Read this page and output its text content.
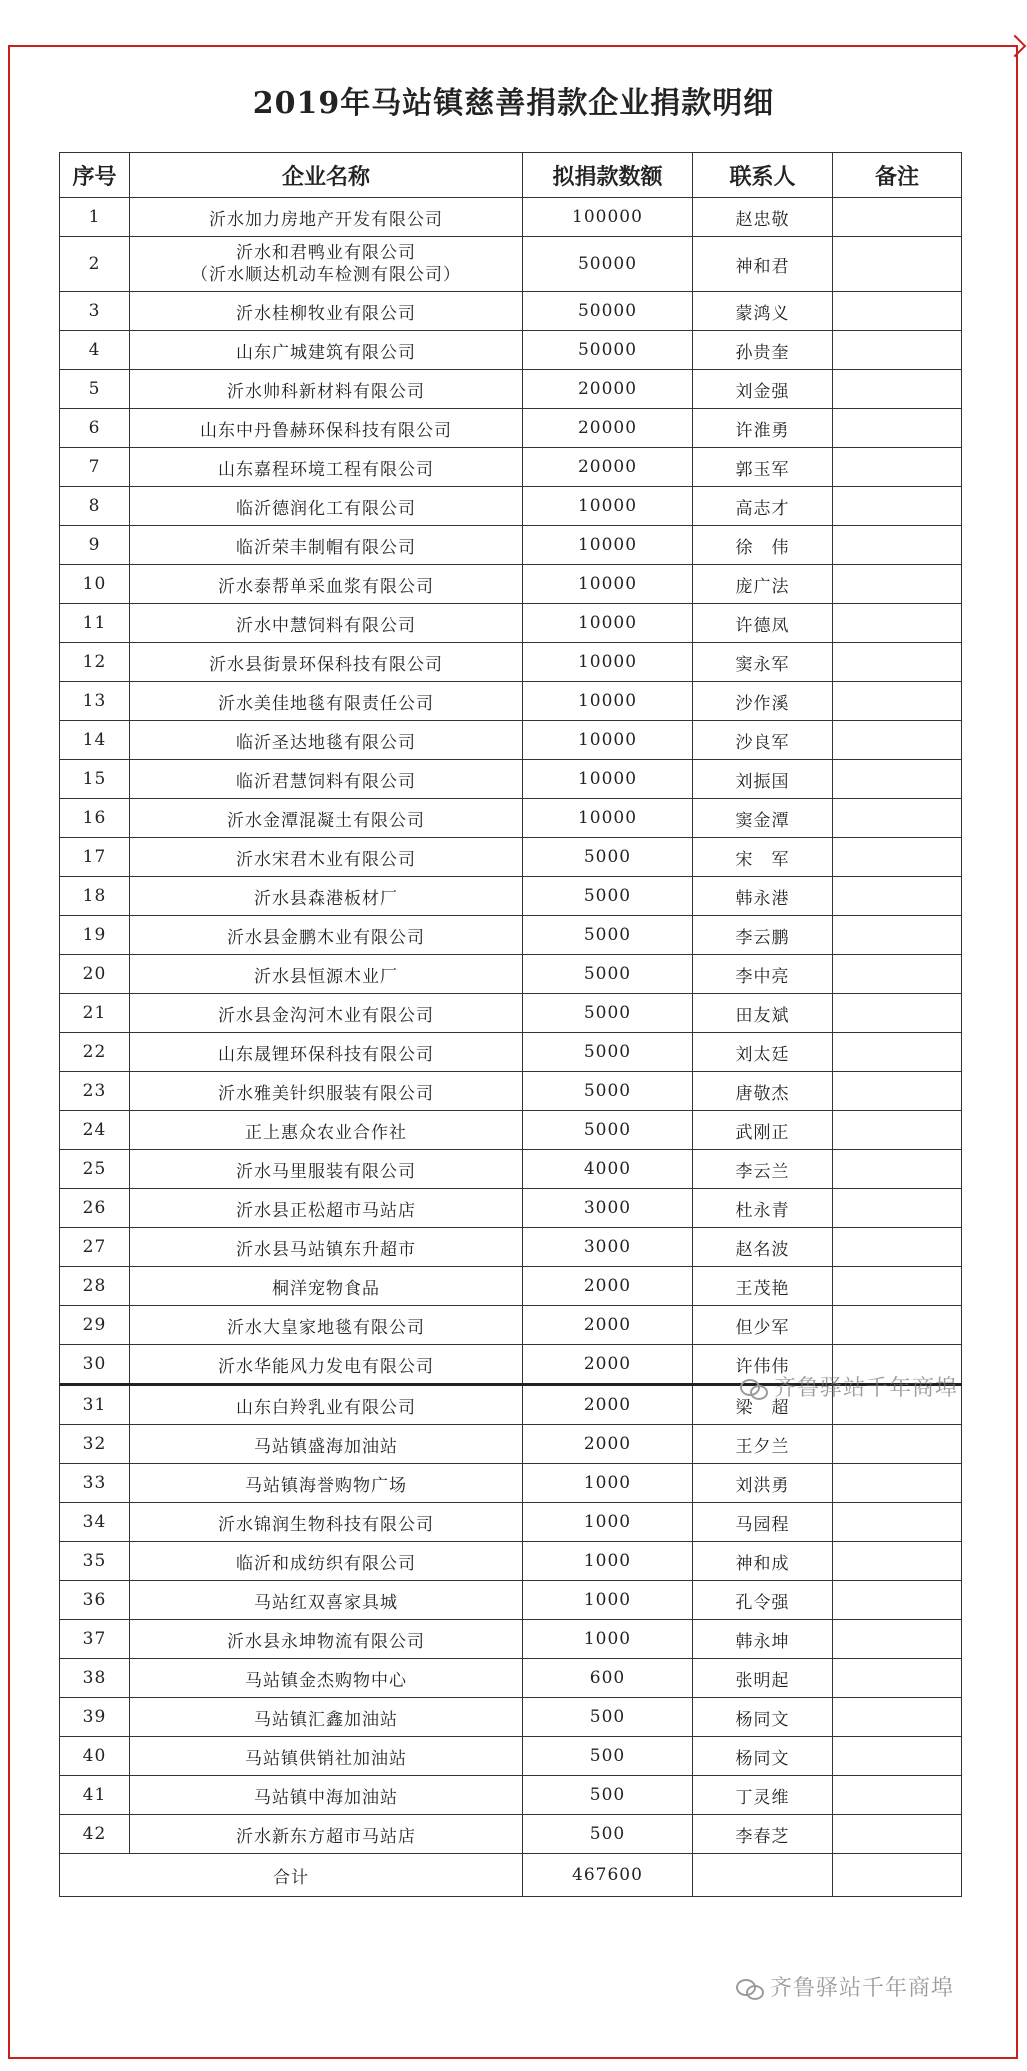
2019年马站镇慈善捐款企业捐款明细
序号	企业名称	拟捐款数额	联系人	备注
1	沂水加力房地产开发有限公司	100000	赵忠敬	
2	沂水和君鸭业有限公司
（沂水顺达机动车检测有限公司）	50000	神和君	
3	沂水桂柳牧业有限公司	50000	蒙鸿义	
4	山东广城建筑有限公司	50000	孙贵奎	
5	沂水帅科新材料有限公司	20000	刘金强	
6	山东中丹鲁赫环保科技有限公司	20000	许淮勇	
7	山东嘉程环境工程有限公司	20000	郭玉军	
8	临沂德润化工有限公司	10000	高志才	
9	临沂荣丰制帽有限公司	10000	徐　伟	
10	沂水泰帮单采血浆有限公司	10000	庞广法	
11	沂水中慧饲料有限公司	10000	许德凤	
12	沂水县街景环保科技有限公司	10000	窦永军	
13	沂水美佳地毯有限责任公司	10000	沙作溪	
14	临沂圣达地毯有限公司	10000	沙良军	
15	临沂君慧饲料有限公司	10000	刘振国	
16	沂水金潭混凝土有限公司	10000	窦金潭	
17	沂水宋君木业有限公司	5000	宋　军	
18	沂水县森港板材厂	5000	韩永港	
19	沂水县金鹏木业有限公司	5000	李云鹏	
20	沂水县恒源木业厂	5000	李中亮	
21	沂水县金沟河木业有限公司	5000	田友斌	
22	山东晟锂环保科技有限公司	5000	刘太廷	
23	沂水雅美针织服装有限公司	5000	唐敬杰	
24	正上惠众农业合作社	5000	武刚正	
25	沂水马里服装有限公司	4000	李云兰	
26	沂水县正松超市马站店	3000	杜永青	
27	沂水县马站镇东升超市	3000	赵名波	
28	桐洋宠物食品	2000	王茂艳	
29	沂水大皇家地毯有限公司	2000	但少军	
30	沂水华能风力发电有限公司	2000	许伟伟	
31	山东白羚乳业有限公司	2000	梁　超	
32	马站镇盛海加油站	2000	王夕兰	
33	马站镇海誉购物广场	1000	刘洪勇	
34	沂水锦润生物科技有限公司	1000	马园程	
35	临沂和成纺织有限公司	1000	神和成	
36	马站红双喜家具城	1000	孔令强	
37	沂水县永坤物流有限公司	1000	韩永坤	
38	马站镇金杰购物中心	600	张明起	
39	马站镇汇鑫加油站	500	杨同文	
40	马站镇供销社加油站	500	杨同文	
41	马站镇中海加油站	500	丁灵维	
42	沂水新东方超市马站店	500	李春芝	
合计		467600		
齐鲁驿站千年商埠
齐鲁驿站千年商埠
